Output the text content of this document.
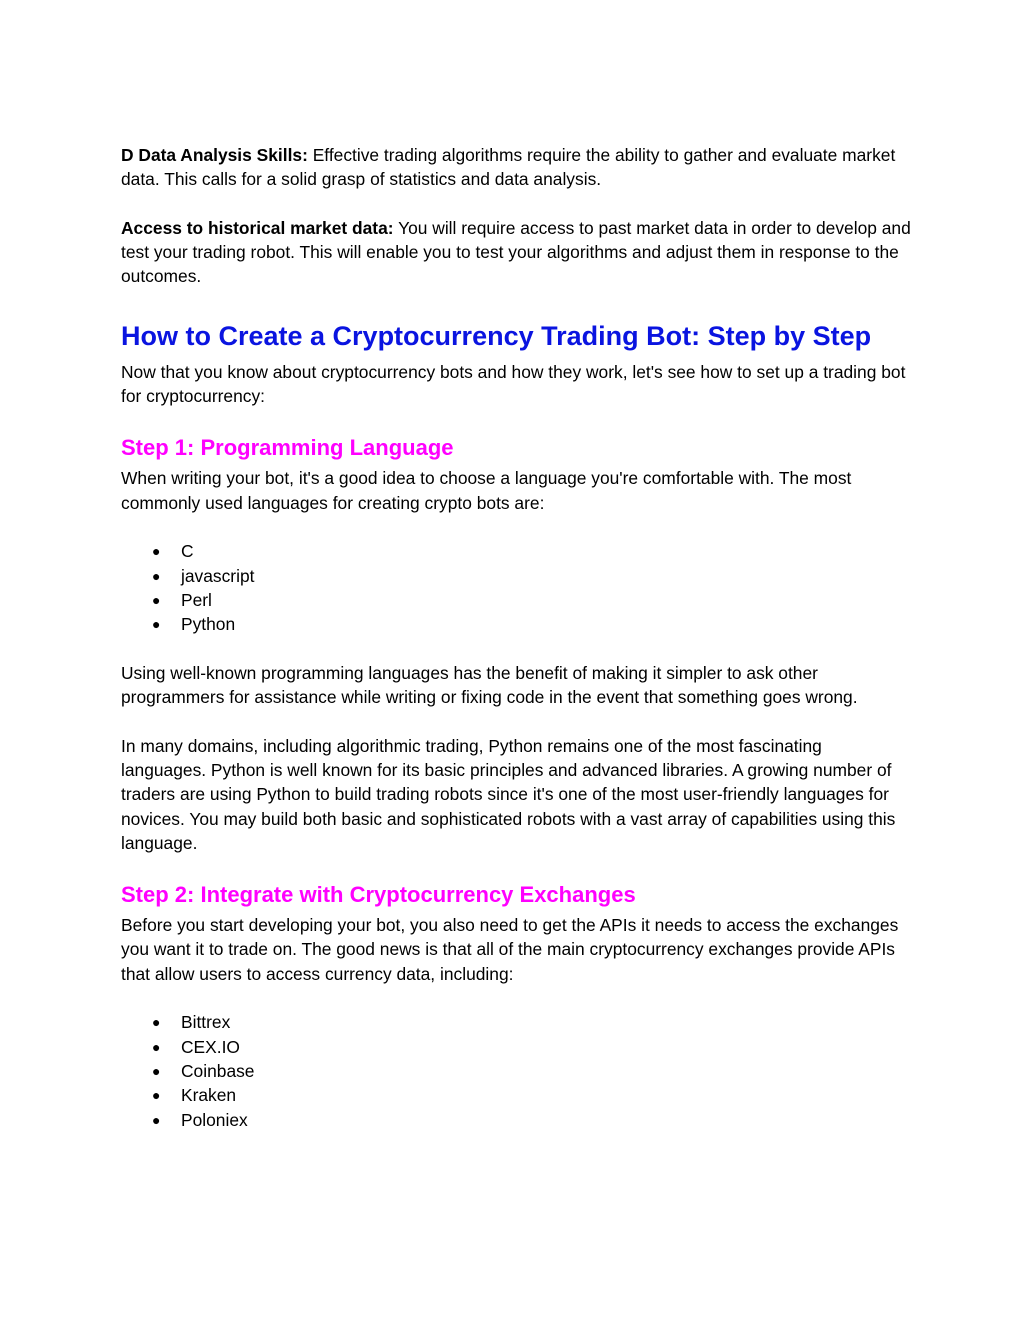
D Data Analysis Skills: Effective trading algorithms require the ability to gather and evaluate market data. This calls for a solid grasp of statistics and data analysis.

Access to historical market data: You will require access to past market data in order to develop and test your trading robot. This will enable you to test your algorithms and adjust them in response to the outcomes.

How to Create a Cryptocurrency Trading Bot: Step by Step

Now that you know about cryptocurrency bots and how they work, let's see how to set up a trading bot for cryptocurrency:

Step 1: Programming Language

When writing your bot, it's a good idea to choose a language you're comfortable with. The most commonly used languages for creating crypto bots are:

● C
● javascript
● Perl
● Python

Using well-known programming languages has the benefit of making it simpler to ask other programmers for assistance while writing or fixing code in the event that something goes wrong.

In many domains, including algorithmic trading, Python remains one of the most fascinating languages. Python is well known for its basic principles and advanced libraries. A growing number of traders are using Python to build trading robots since it's one of the most user-friendly languages for novices. You may build both basic and sophisticated robots with a vast array of capabilities using this language.

Step 2: Integrate with Cryptocurrency Exchanges

Before you start developing your bot, you also need to get the APIs it needs to access the exchanges you want it to trade on. The good news is that all of the main cryptocurrency exchanges provide APIs that allow users to access currency data, including:

● Bittrex
● CEX.IO
● Coinbase
● Kraken
● Poloniex
